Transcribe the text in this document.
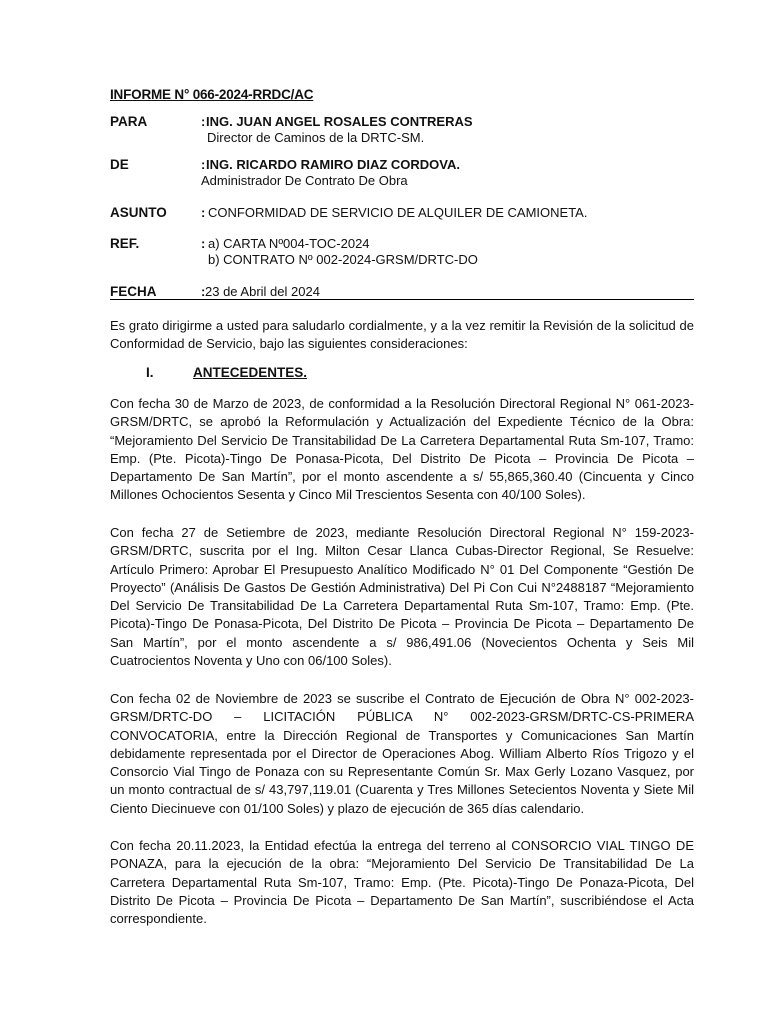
INFORME N° 066-2024-RRDC/AC
PARA	: ING. JUAN ANGEL ROSALES CONTRERAS
Director de Caminos de la DRTC-SM.
DE	: ING. RICARDO RAMIRO DIAZ CORDOVA.
Administrador De Contrato De Obra
ASUNTO	: CONFORMIDAD DE SERVICIO DE ALQUILER DE CAMIONETA.
REF.	: a) CARTA Nº004-TOC-2024
b) CONTRATO Nº 002-2024-GRSM/DRTC-DO
FECHA	: 23 de Abril del 2024
Es grato dirigirme a usted para saludarlo cordialmente, y a la vez remitir la Revisión de la solicitud de Conformidad de Servicio, bajo las siguientes consideraciones:
I.	ANTECEDENTES.
Con fecha 30 de Marzo de 2023, de conformidad a la Resolución Directoral Regional N° 061-2023-GRSM/DRTC, se aprobó la Reformulación y Actualización del Expediente Técnico de la Obra: “Mejoramiento Del Servicio De Transitabilidad De La Carretera Departamental Ruta Sm-107, Tramo: Emp. (Pte. Picota)-Tingo De Ponasa-Picota, Del Distrito De Picota – Provincia De Picota – Departamento De San Martín”, por el monto ascendente a s/ 55,865,360.40 (Cincuenta y Cinco Millones Ochocientos Sesenta y Cinco Mil Trescientos Sesenta con 40/100 Soles).
Con fecha 27 de Setiembre de 2023, mediante Resolución Directoral Regional N° 159-2023-GRSM/DRTC, suscrita por el Ing. Milton Cesar Llanca Cubas-Director Regional, Se Resuelve: Artículo Primero: Aprobar El Presupuesto Analítico Modificado N° 01 Del Componente “Gestión De Proyecto” (Análisis De Gastos De Gestión Administrativa) Del Pi Con Cui N°2488187 “Mejoramiento Del Servicio De Transitabilidad De La Carretera Departamental Ruta Sm-107, Tramo: Emp. (Pte. Picota)-Tingo De Ponasa-Picota, Del Distrito De Picota – Provincia De Picota – Departamento De San Martín”, por el monto ascendente a s/ 986,491.06 (Novecientos Ochenta y Seis Mil Cuatrocientos Noventa y Uno con 06/100 Soles).
Con fecha 02 de Noviembre de 2023 se suscribe el Contrato de Ejecución de Obra N° 002-2023-GRSM/DRTC-DO – LICITACIÓN PÚBLICA N° 002-2023-GRSM/DRTC-CS-PRIMERA CONVOCATORIA, entre la Dirección Regional de Transportes y Comunicaciones San Martín debidamente representada por el Director de Operaciones Abog. William Alberto Ríos Trigozo y el Consorcio Vial Tingo de Ponaza con su Representante Común Sr. Max Gerly Lozano Vasquez, por un monto contractual de s/ 43,797,119.01 (Cuarenta y Tres Millones Setecientos Noventa y Siete Mil Ciento Diecinueve con 01/100 Soles) y plazo de ejecución de 365 días calendario.
Con fecha 20.11.2023, la Entidad efectúa la entrega del terreno al CONSORCIO VIAL TINGO DE PONAZA, para la ejecución de la obra: “Mejoramiento Del Servicio De Transitabilidad De La Carretera Departamental Ruta Sm-107, Tramo: Emp. (Pte. Picota)-Tingo De Ponaza-Picota, Del Distrito De Picota – Provincia De Picota – Departamento De San Martín”, suscribiéndose el Acta correspondiente.
